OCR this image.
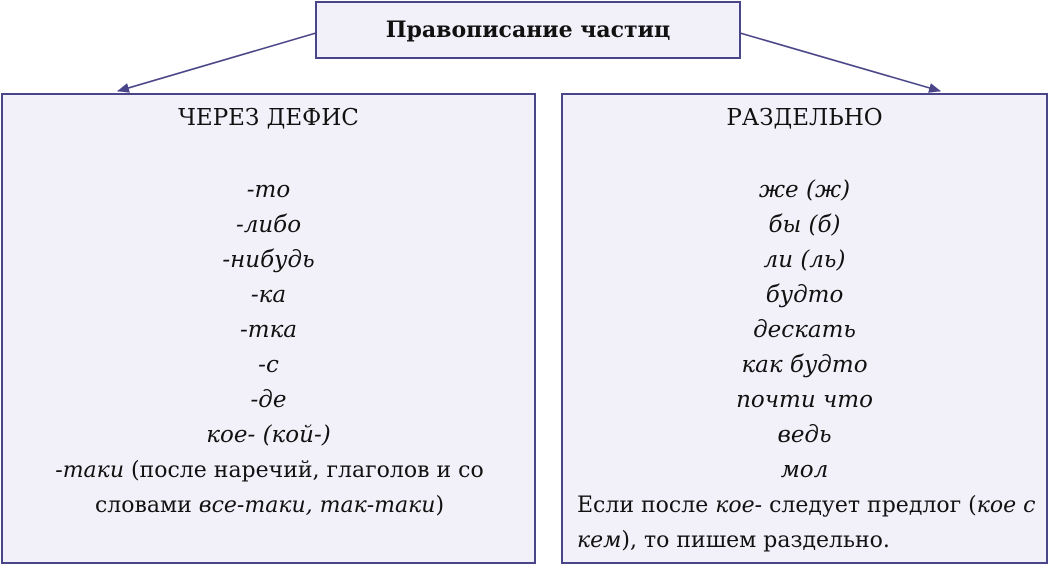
Правописание частиц
ЧЕРЕЗ ДЕФИС
-то
-либо
-нибудь
-ка
-тка
-с
-де
кое- (кой-)
-таки (после наречий, глаголов и со словами все-таки, так-таки)
РАЗДЕЛЬНО
же (ж)
бы (б)
ли (ль)
будто
дескать
как будто
почти что
ведь
мол
Если после кое- следует предлог (кое с кем), то пишем раздельно.
